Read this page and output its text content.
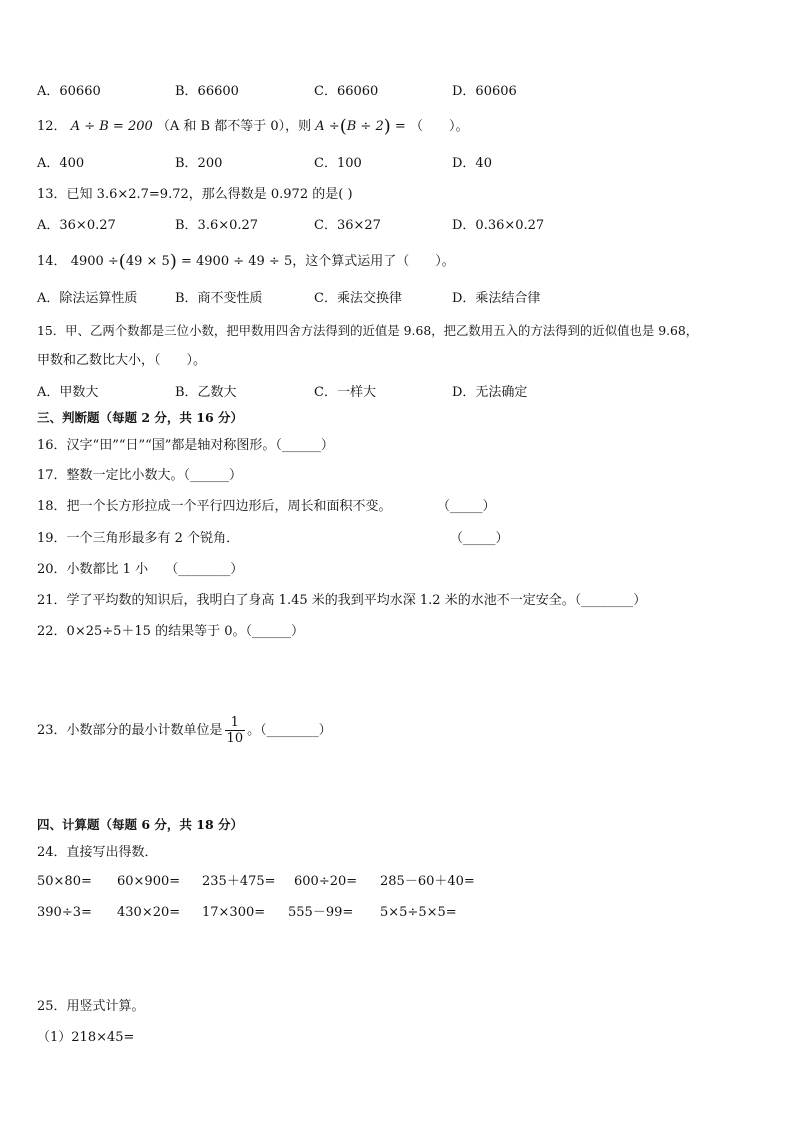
A．60660	B．66600	C．66060	D．60606
12． A ÷ B = 200 （A 和 B 都不等于 0），则 A ÷(B ÷ 2) = （　　）。
A．400	B．200	C．100	D．40
13．已知 3.6×2.7=9.72，那么得数是 0.972 的是( )
A．36×0.27	B．3.6×0.27	C．36×27	D．0.36×0.27
14． 4900 ÷(49 × 5) = 4900 ÷ 49 ÷ 5，这个算式运用了（　　）。
A．除法运算性质	B．商不变性质	C．乘法交换律	D．乘法结合律
15．甲、乙两个数都是三位小数，把甲数用四舍方法得到的近值是 9.68，把乙数用五入的方法得到的近似值也是 9.68，
甲数和乙数比大小，（　　）。
A．甲数大	B．乙数大	C．一样大	D．无法确定
三、判断题（每题 2 分，共 16 分）
16．汉字“田”“日”“国”都是轴对称图形。（______）
17．整数一定比小数大。（______）
18．把一个长方形拉成一个平行四边形后，周长和面积不变。	（_____）
19．一个三角形最多有 2 个锐角．	（_____）
20．小数都比 1 小　 （________）
21．学了平均数的知识后，我明白了身高 1.45 米的我到平均水深 1.2 米的水池不一定安全。（________）
22．0×25÷5＋15 的结果等于 0。（______）
23．小数部分的最小计数单位是 $\frac{1}{10}$ 。（________）
四、计算题（每题 6 分，共 18 分）
24．直接写出得数．
50×80= 60×900= 235＋475= 600÷20= 285－60＋40=
390÷3= 430×20= 17×300= 555－99= 5×5÷5×5=
25．用竖式计算。
（1）218×45=
